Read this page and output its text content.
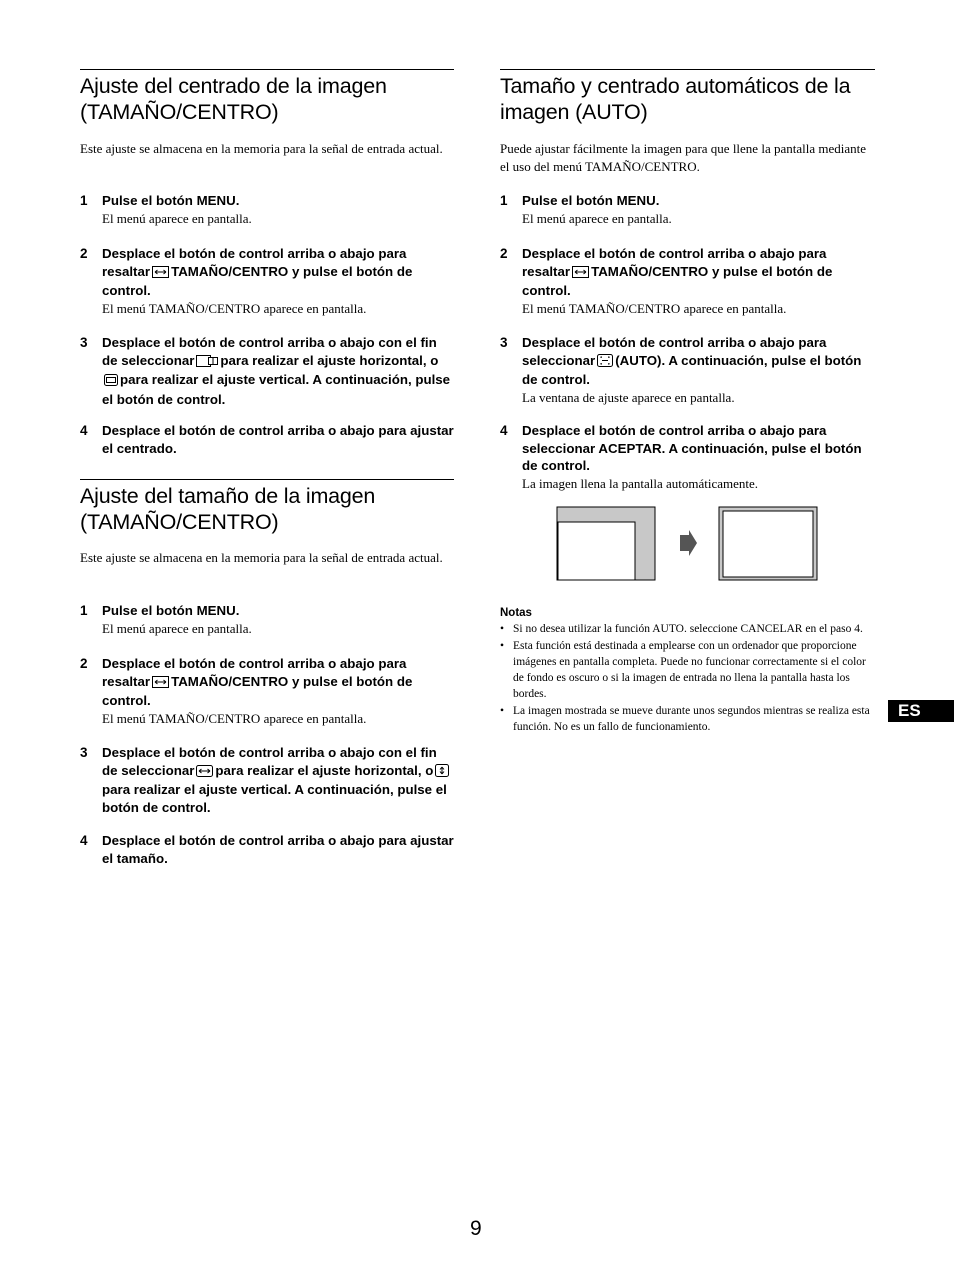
Ajuste del centrado de la imagen (TAMAÑO/CENTRO)

Este ajuste se almacena en la memoria para la señal de entrada actual.

1 Pulse el botón MENU.
El menú aparece en pantalla.
2 Desplace el botón de control arriba o abajo para resaltar TAMAÑO/CENTRO y pulse el botón de control.
El menú TAMAÑO/CENTRO aparece en pantalla.
3 Desplace el botón de control arriba o abajo con el fin de seleccionar para realizar el ajuste horizontal, opara realizar el ajuste vertical. A continuación, pulse el botón de control.
4 Desplace el botón de control arriba o abajo para ajustar el centrado.
Ajuste del tamaño de la imagen (TAMAÑO/CENTRO)

Este ajuste se almacena en la memoria para la señal de entrada actual.

1 Pulse el botón MENU.
El menú aparece en pantalla.
2 Desplace el botón de control arriba o abajo para resaltar TAMAÑO/CENTRO y pulse el botón de control.
El menú TAMAÑO/CENTRO aparece en pantalla.
3 Desplace el botón de control arriba o abajo con el fin de seleccionar para realizar el ajuste horizontal, opara realizar el ajuste vertical. A continuación, pulse el botón de control.
4 Desplace el botón de control arriba o abajo para ajustar el tamaño.
Tamaño y centrado automáticos de la imagen (AUTO)

Puede ajustar fácilmente la imagen para que llene la pantalla mediante el uso del menú TAMAÑO/CENTRO.

1 Pulse el botón MENU.
El menú aparece en pantalla.
2 Desplace el botón de control arriba o abajo para resaltar TAMAÑO/CENTRO y pulse el botón de control.
El menú TAMAÑO/CENTRO aparece en pantalla.
3 Desplace el botón de control arriba o abajo para seleccionar (AUTO). A continuación, pulse el botón de control.
La ventana de ajuste aparece en pantalla.
4 Desplace el botón de control arriba o abajo para seleccionar ACEPTAR. A continuación, pulse el botón de control.
La imagen llena la pantalla automáticamente.
Notas
• Si no desea utilizar la función AUTO. seleccione CANCELAR en el paso 4.
• Esta función está destinada a emplearse con un ordenador que proporcione imágenes en pantalla completa. Puede no funcionar correctamente si el color de fondo es oscuro o si la imagen de entrada no llena la pantalla hasta los bordes.
• La imagen mostrada se mueve durante unos segundos mientras se realiza esta función. No es un fallo de funcionamiento.
ES
9
